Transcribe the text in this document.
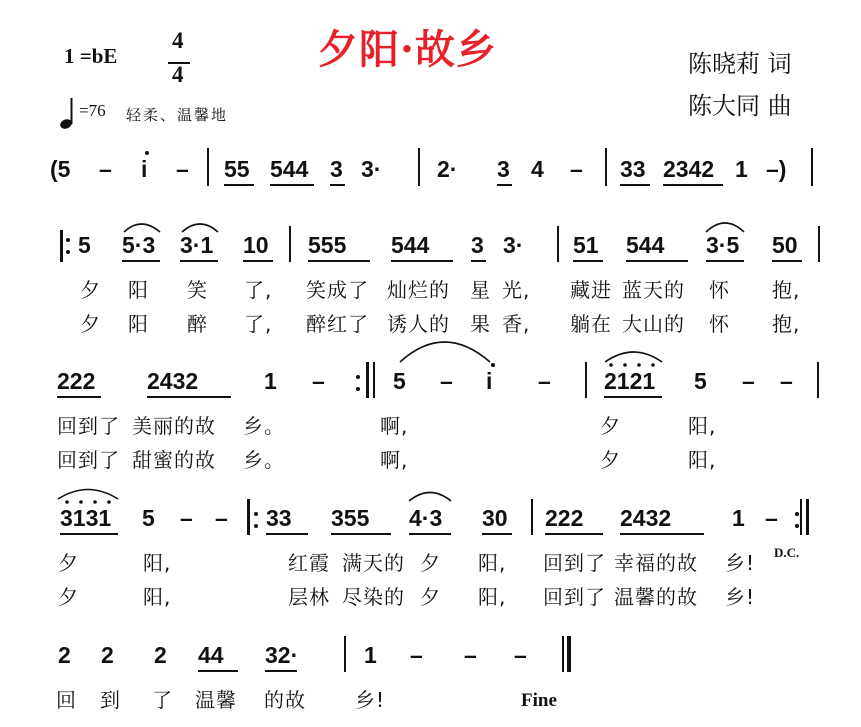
夕阳·故乡
1 =bE
4
4	陈晓莉 词
陈大同 曲
=76 轻柔、温馨地
(5 – i – 55 544 3 3· 2· 3 4 – 33 2342 1 –)
5 5·3 3·1 10 555 544 3 3· 51 544 3·5 50
夕 阳 笑 了, 笑成了 灿烂的 星 光, 藏进 蓝天的 怀 抱,
夕 阳 醉 了, 醉红了 诱人的 果 香, 躺在 大山的 怀 抱,
222 2432	1 –	5 – i – 2121 5 – –
回到了 美丽的故 乡。	啊,	夕	阳,
回到了 甜蜜的故 乡。	啊,	夕	阳,
3131 5 – – 33 355 4·3 30 222 2432	1 –
夕	阳,	红霞 满天的 夕 阳, 回到了 幸福的故 乡! D.C.
夕	阳,	层林 尽染的 夕 阳, 回到了 温馨的故 乡!
2 2 2 44 32·	1 – – –
回 到 了 温馨 的故 乡!	Fine
